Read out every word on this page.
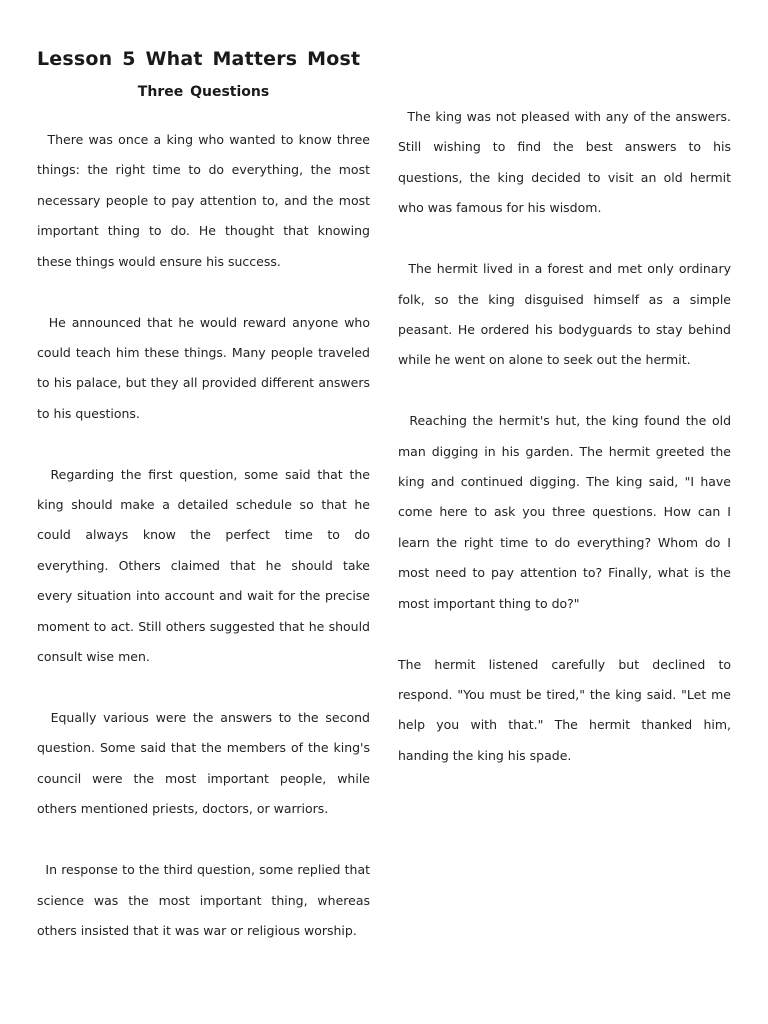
Lesson 5 What Matters Most
Three Questions

There was once a king who wanted to know three things: the right time to do everything, the most necessary people to pay attention to, and the most important thing to do. He thought that knowing these things would ensure his success.

He announced that he would reward anyone who could teach him these things. Many people traveled to his palace, but they all provided different answers to his questions.

Regarding the first question, some said that the king should make a detailed schedule so that he could always know the perfect time to do everything. Others claimed that he should take every situation into account and wait for the precise moment to act. Still others suggested that he should consult wise men.

Equally various were the answers to the second question. Some said that the members of the king's council were the most important people, while others mentioned priests, doctors, or warriors.

In response to the third question, some replied that science was the most important thing, whereas others insisted that it was war or religious worship.

The king was not pleased with any of the answers. Still wishing to find the best answers to his questions, the king decided to visit an old hermit who was famous for his wisdom.

The hermit lived in a forest and met only ordinary folk, so the king disguised himself as a simple peasant. He ordered his bodyguards to stay behind while he went on alone to seek out the hermit.

Reaching the hermit's hut, the king found the old man digging in his garden. The hermit greeted the king and continued digging. The king said, "I have come here to ask you three questions. How can I learn the right time to do everything? Whom do I most need to pay attention to? Finally, what is the most important thing to do?"

The hermit listened carefully but declined to respond. "You must be tired," the king said. "Let me help you with that." The hermit thanked him, handing the king his spade.
